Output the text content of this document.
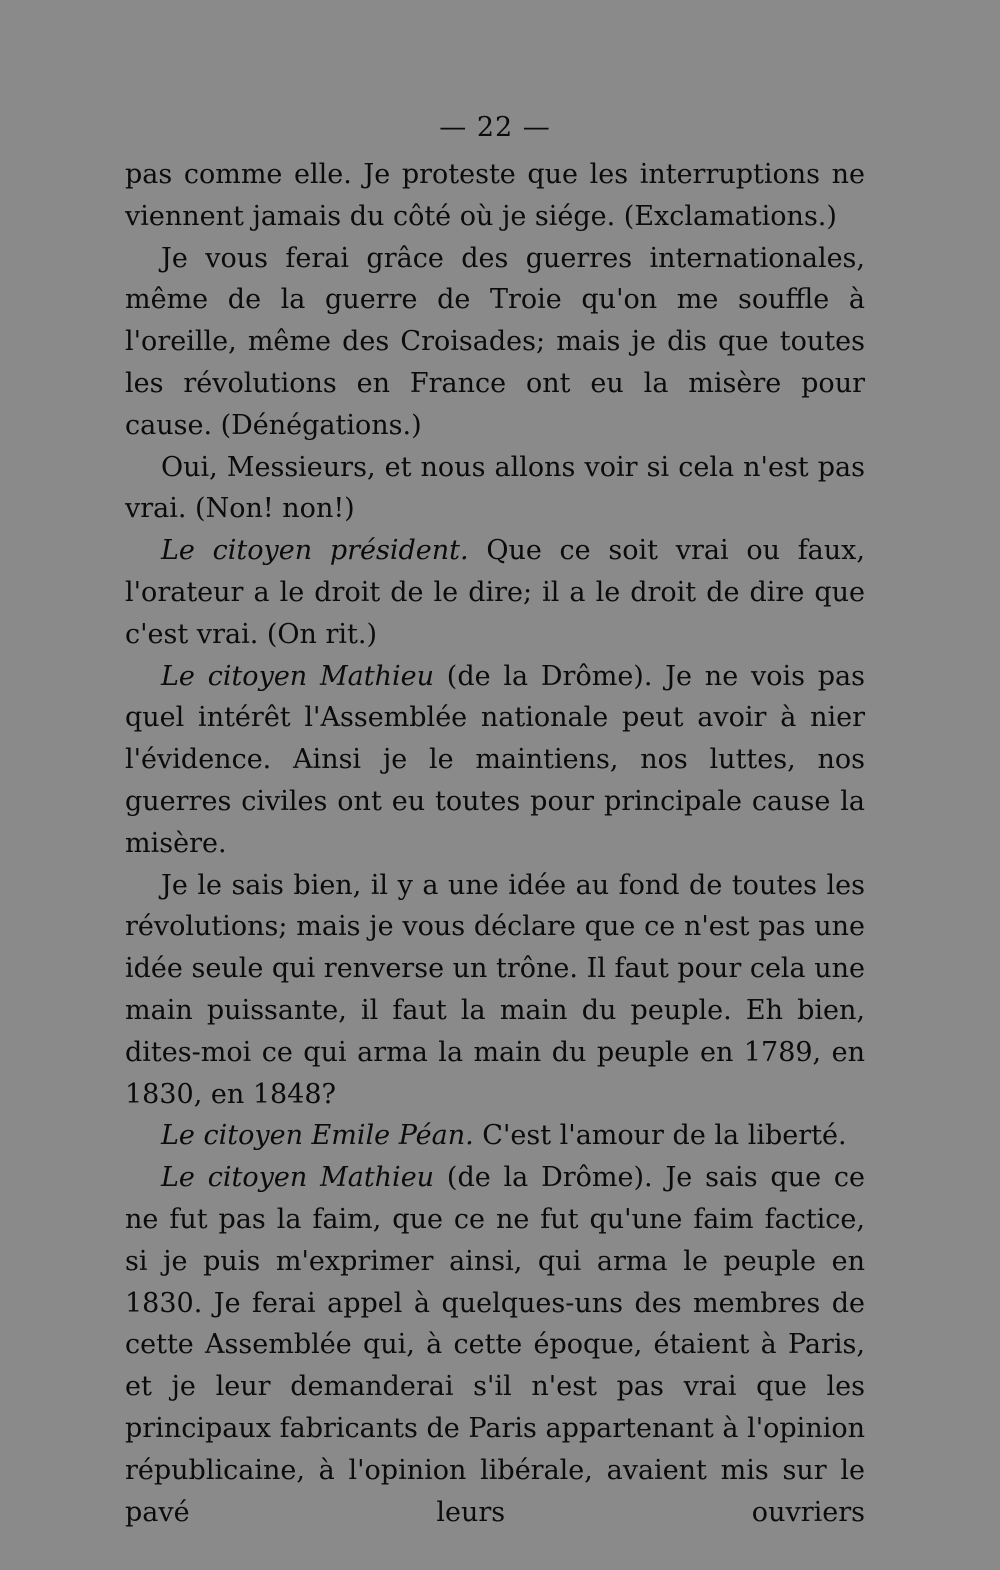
— 22 —

pas comme elle. Je proteste que les interruptions ne viennent jamais du côté où je siége. (Exclamations.)

Je vous ferai grâce des guerres internationales, même de la guerre de Troie qu'on me souffle à l'oreille, même des Croisades; mais je dis que toutes les révolutions en France ont eu la misère pour cause. (Dénégations.)

Oui, Messieurs, et nous allons voir si cela n'est pas vrai. (Non! non!)

Le citoyen président. Que ce soit vrai ou faux, l'orateur a le droit de le dire; il a le droit de dire que c'est vrai. (On rit.)

Le citoyen Mathieu (de la Drôme). Je ne vois pas quel intérêt l'Assemblée nationale peut avoir à nier l'évidence. Ainsi je le maintiens, nos luttes, nos guerres civiles ont eu toutes pour principale cause la misère.

Je le sais bien, il y a une idée au fond de toutes les révolutions; mais je vous déclare que ce n'est pas une idée seule qui renverse un trône. Il faut pour cela une main puissante, il faut la main du peuple. Eh bien, dites-moi ce qui arma la main du peuple en 1789, en 1830, en 1848?

Le citoyen Emile Péan. C'est l'amour de la liberté.

Le citoyen Mathieu (de la Drôme). Je sais que ce ne fut pas la faim, que ce ne fut qu'une faim factice, si je puis m'exprimer ainsi, qui arma le peuple en 1830. Je ferai appel à quelques-uns des membres de cette Assemblée qui, à cette époque, étaient à Paris, et je leur demanderai s'il n'est pas vrai que les principaux fabricants de Paris appartenant à l'opinion républicaine, à l'opinion libérale, avaient mis sur le pavé leurs ouvriers
